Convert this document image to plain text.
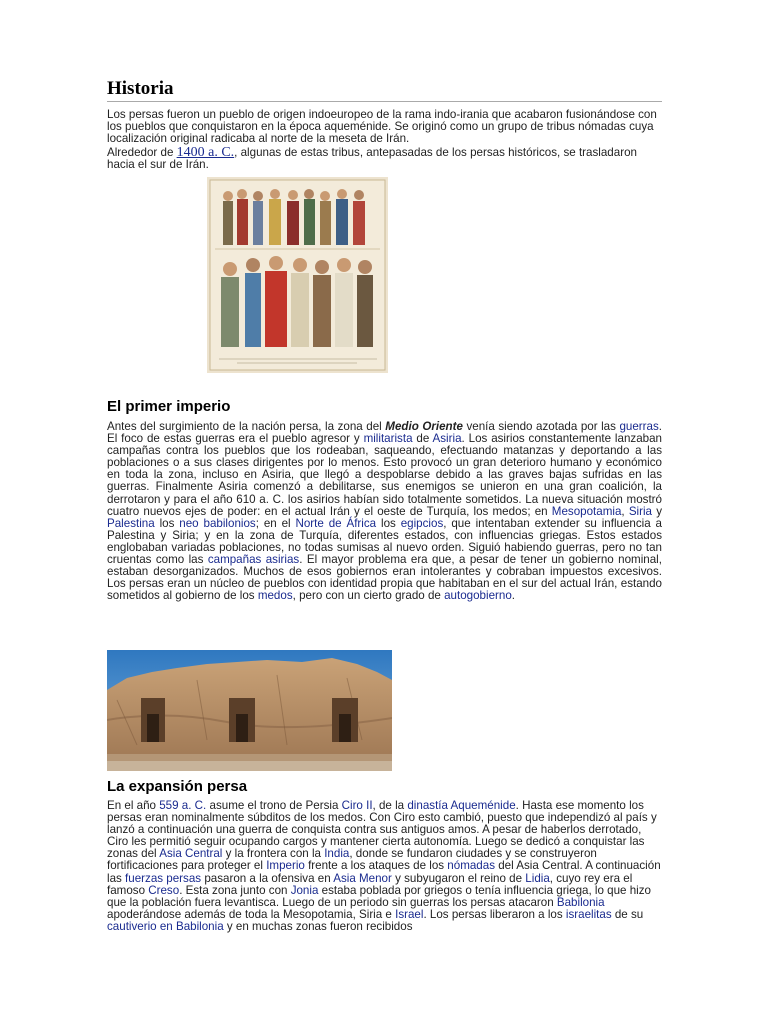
Historia

Los persas fueron un pueblo de origen indoeuropeo de la rama indo-irania que acabaron fusionándose con los pueblos que conquistaron en la época aqueménide. Se originó como un grupo de tribus nómadas cuya localización original radicaba al norte de la meseta de Irán.

Alrededor de 1400 a. C., algunas de estas tribus, antepasadas de los persas históricos, se trasladaron hacia el sur de Irán.

El primer imperio

Antes del surgimiento de la nación persa, la zona del Medio Oriente venía siendo azotada por las guerras. El foco de estas guerras era el pueblo agresor y militarista de Asiria. Los asirios constantemente lanzaban campañas contra los pueblos que los rodeaban, saqueando, efectuando matanzas y deportando a las poblaciones o a sus clases dirigentes por lo menos. Esto provocó un gran deterioro humano y económico en toda la zona, incluso en Asiria, que llegó a despoblarse debido a las graves bajas sufridas en las guerras. Finalmente Asiria comenzó a debilitarse, sus enemigos se unieron en una gran coalición, la derrotaron y para el año 610 a. C. los asirios habían sido totalmente sometidos. La nueva situación mostró cuatro nuevos ejes de poder: en el actual Irán y el oeste de Turquía, los medos; en Mesopotamia, Siria y Palestina los neo babilonios; en el Norte de África los egipcios, que intentaban extender su influencia a Palestina y Siria; y en la zona de Turquía, diferentes estados, con influencias griegas. Estos estados englobaban variadas poblaciones, no todas sumisas al nuevo orden. Siguió habiendo guerras, pero no tan cruentas como las campañas asirias. El mayor problema era que, a pesar de tener un gobierno nominal, estaban desorganizados. Muchos de esos gobiernos eran intolerantes y cobraban impuestos excesivos. Los persas eran un núcleo de pueblos con identidad propia que habitaban en el sur del actual Irán, estando sometidos al gobierno de los medos, pero con un cierto grado de autogobierno.

La expansión persa

En el año 559 a. C. asume el trono de Persia Ciro II, de la dinastía Aqueménide. Hasta ese momento los persas eran nominalmente súbditos de los medos. Con Ciro esto cambió, puesto que independizó al país y lanzó a continuación una guerra de conquista contra sus antiguos amos. A pesar de haberlos derrotado, Ciro les permitió seguir ocupando cargos y mantener cierta autonomía. Luego se dedicó a conquistar las zonas del Asia Central y la frontera con la India, donde se fundaron ciudades y se construyeron fortificaciones para proteger el Imperio frente a los ataques de los nómadas del Asia Central. A continuación las fuerzas persas pasaron a la ofensiva en Asia Menor y subyugaron el reino de Lidia, cuyo rey era el famoso Creso. Esta zona junto con Jonia estaba poblada por griegos o tenía influencia griega, lo que hizo que la población fuera levantisca. Luego de un periodo sin guerras los persas atacaron Babilonia apoderándose además de toda la Mesopotamia, Siria e Israel. Los persas liberaron a los israelitas de su cautiverio en Babilonia y en muchas zonas fueron recibidos
